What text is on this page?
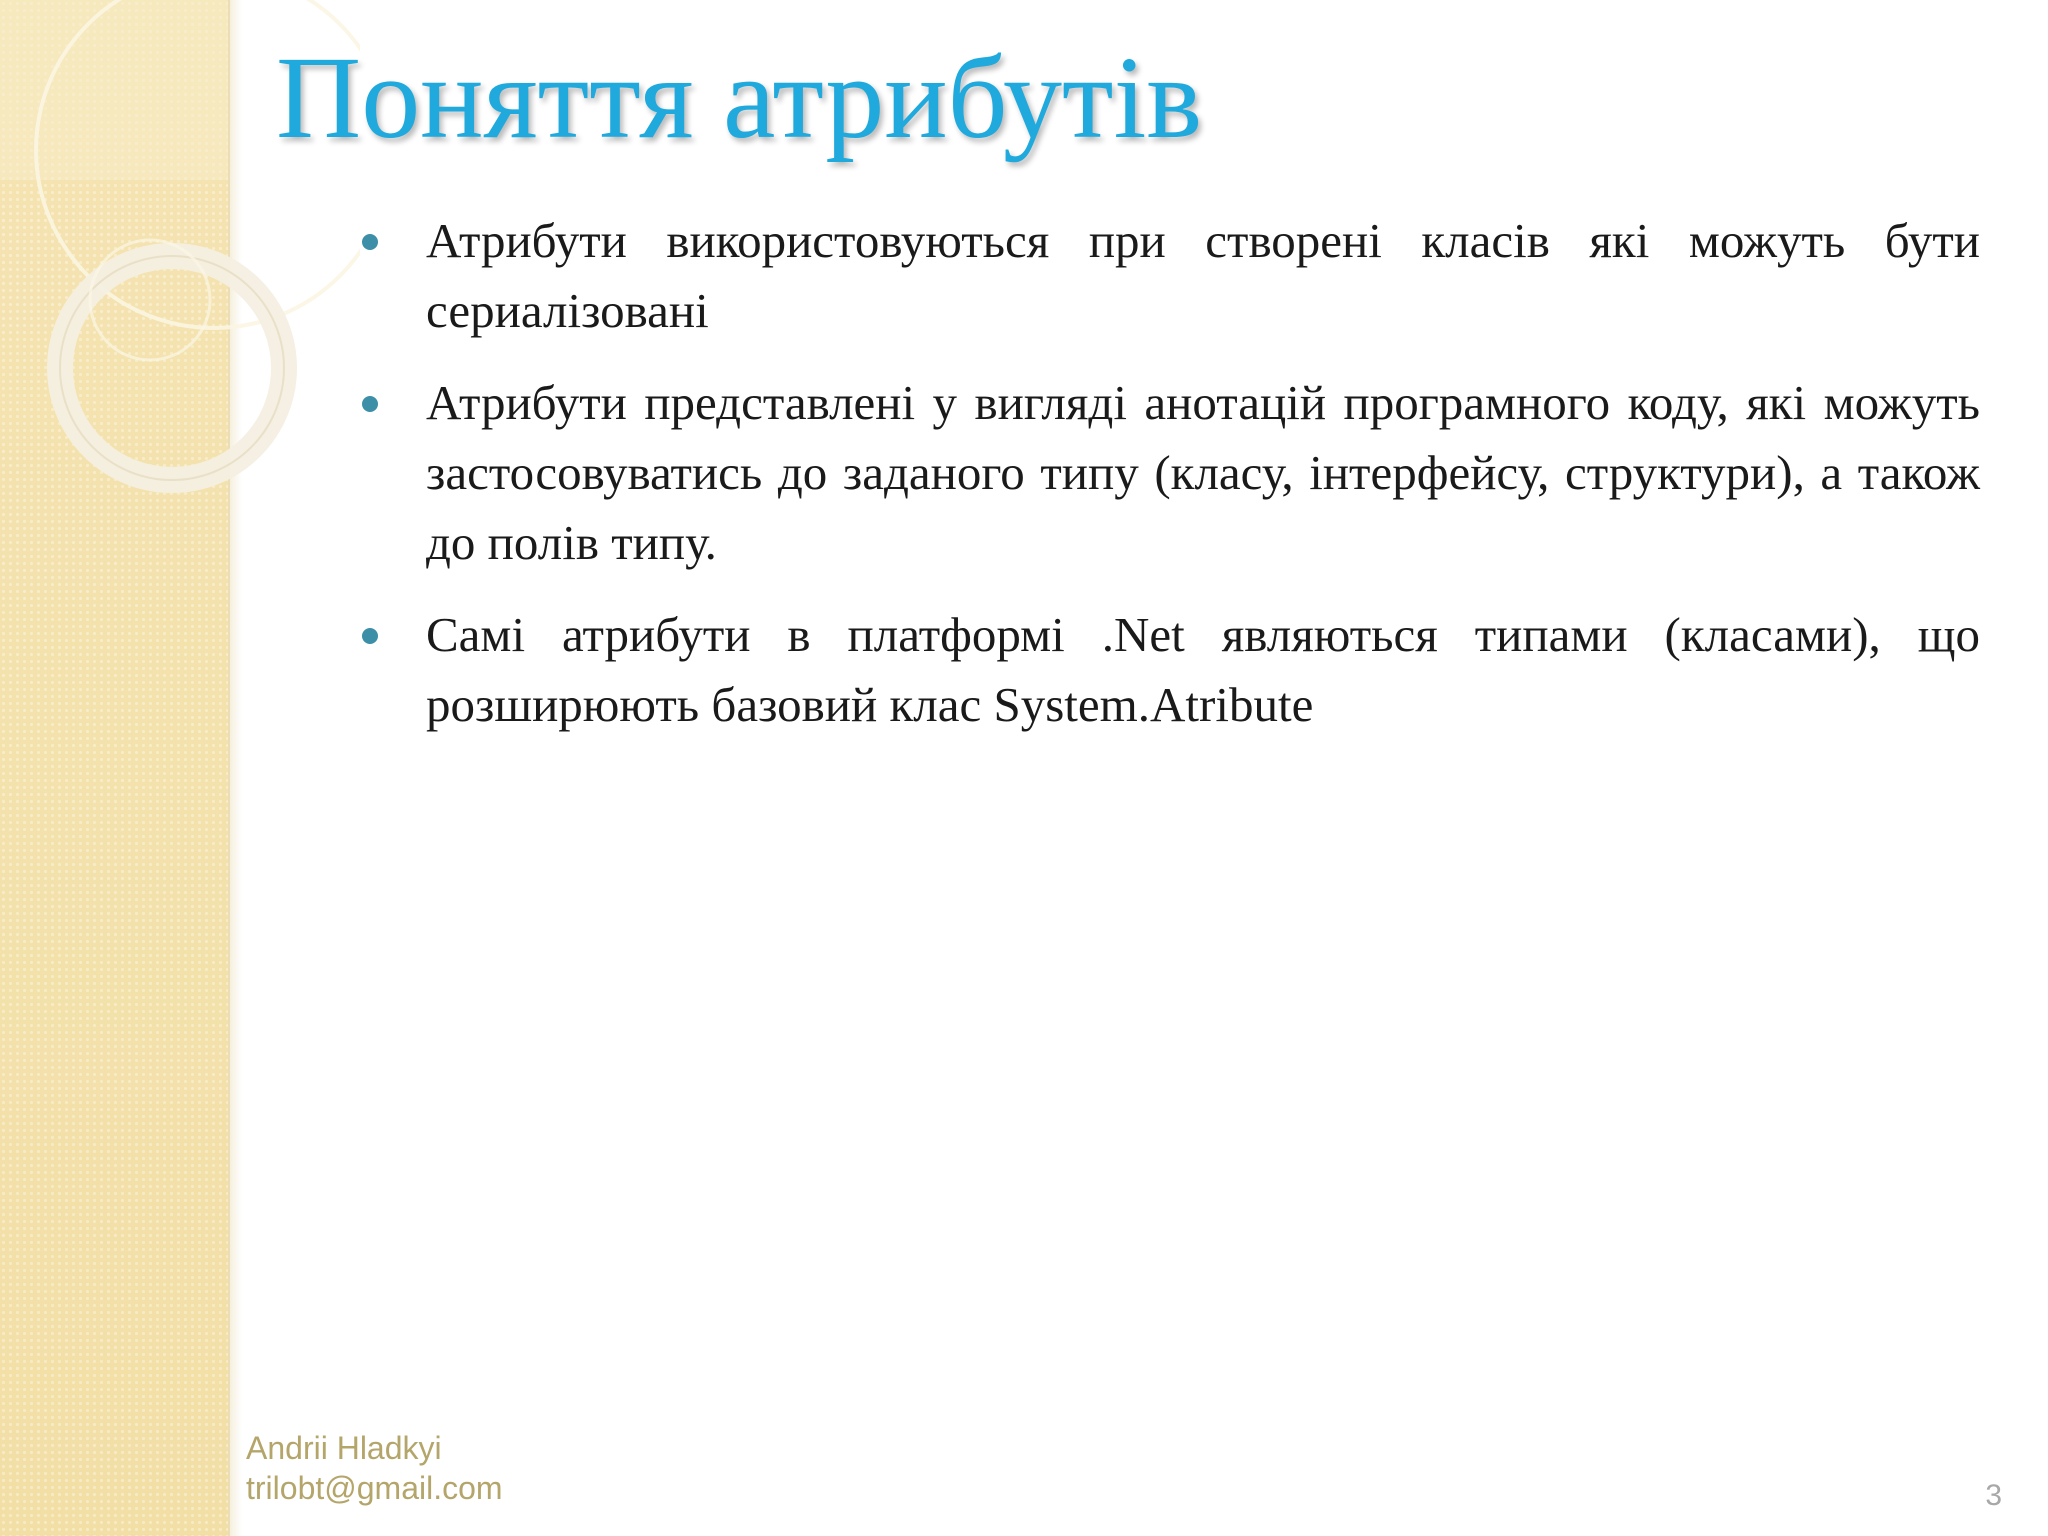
Поняття атрибутів
Атрибути використовуються при створені класів які можуть бути сериалізовані
Атрибути представлені у вигляді анотацій програмного коду, які можуть застосовуватись до заданого типу (класу, інтерфейсу, структури), а також до полів типу.
Самі атрибути в платформі .Net являються типами (класами), що розширюють базовий клас System.Atribute

Andrii Hladkyi

trilobt@gmail.com	3
